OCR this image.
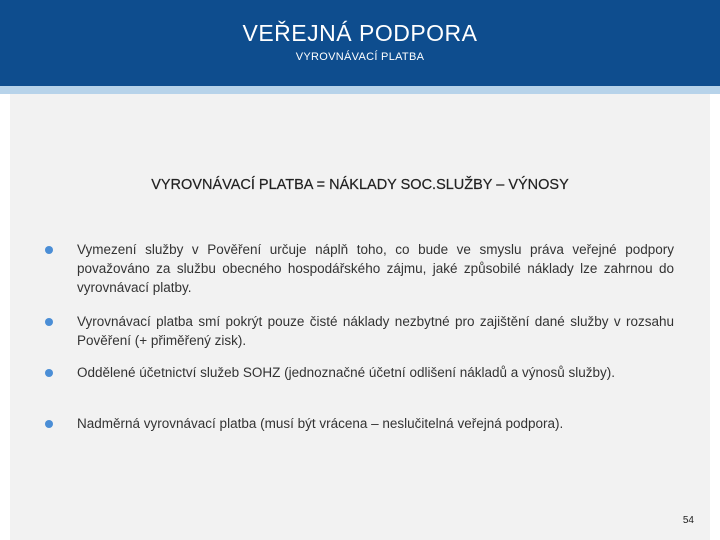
VEŘEJNÁ PODPORA
VYROVNÁVACÍ PLATBA
VYROVNÁVACÍ PLATBA = NÁKLADY SOC.SLUŽBY – VÝNOSY
Vymezení služby v Pověření určuje náplň toho, co bude ve smyslu práva veřejné podpory považováno za službu obecného hospodářského zájmu, jaké způsobilé náklady lze zahrnou do vyrovnávací platby.
Vyrovnávací platba smí pokrýt pouze čisté náklady nezbytné pro zajištění dané služby v rozsahu Pověření (+ přiměřený zisk).
Oddělené účetnictví služeb SOHZ (jednoznačné účetní odlišení nákladů a výnosů služby).
Nadměrná vyrovnávací platba (musí být vrácena – neslučitelná veřejná podpora).
54
